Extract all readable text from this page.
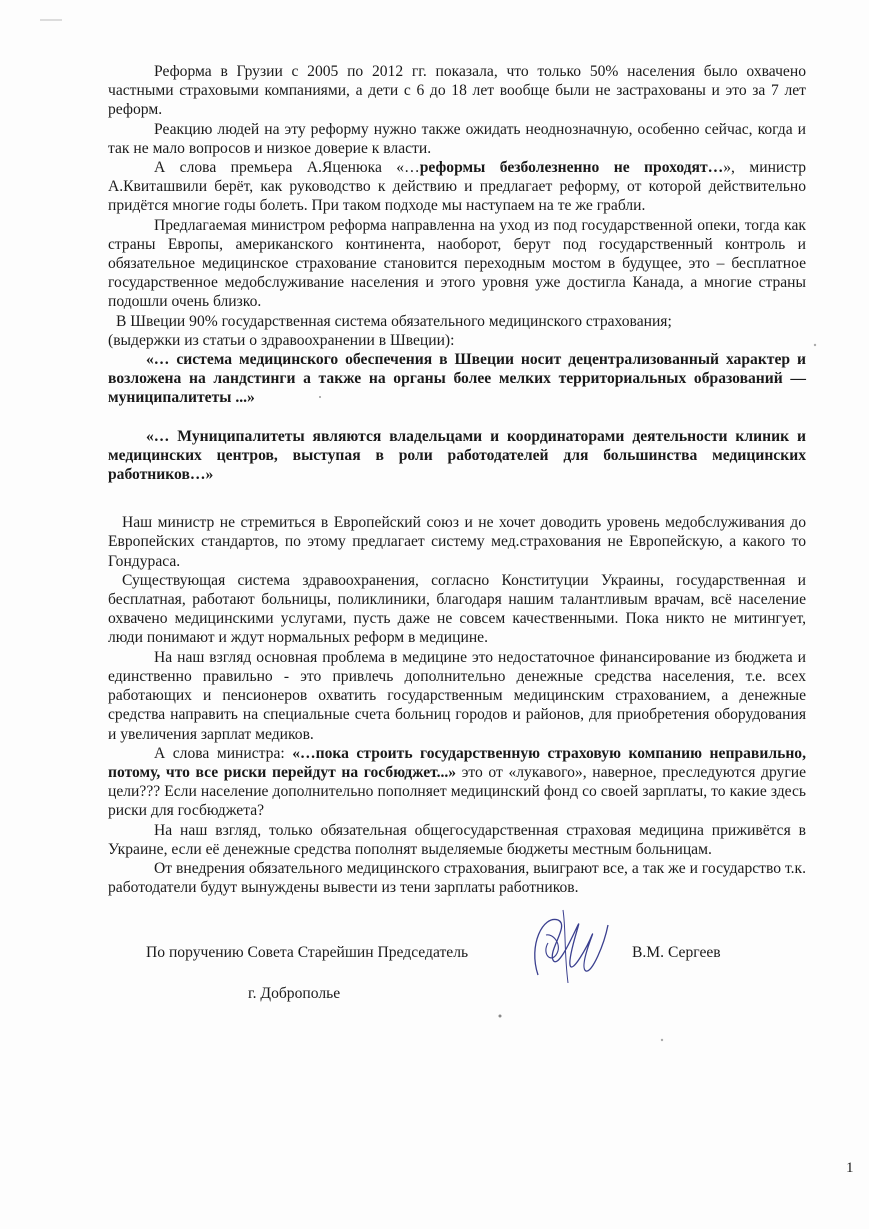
Реформа в Грузии с 2005 по 2012 гг. показала, что только 50% населения было охвачено частными страховыми компаниями, а дети с 6 до 18 лет вообще были не застрахованы и это за 7 лет реформ.

Реакцию людей на эту реформу нужно также ожидать неоднозначную, особенно сейчас, когда и так не мало вопросов и низкое доверие к власти.

А слова премьера А.Яценюка «…реформы безболезненно не проходят…», министр А.Квиташвили берёт, как руководство к действию и предлагает реформу, от которой действительно придётся многие годы болеть. При таком подходе мы наступаем на те же грабли.

Предлагаемая министром реформа направленна на уход из под государственной опеки, тогда как страны Европы, американского континента, наоборот, берут под государственный контроль и обязательное медицинское страхование становится переходным мостом в будущее, это – бесплатное государственное медобслуживание населения и этого уровня уже достигла Канада, а многие страны подошли очень близко.

В Швеции 90% государственная система обязательного медицинского страхования;

(выдержки из статьи о здравоохранении в Швеции):

«… система медицинского обеспечения в Швеции носит децентрализованный характер и возложена на ландстинги а также на органы более мелких территориальных образований — муниципалитеты ...»

«… Муниципалитеты являются владельцами и координаторами деятельности клиник и медицинских центров, выступая в роли работодателей для большинства медицинских работников…»

Наш министр не стремиться в Европейский союз и не хочет доводить уровень медобслуживания до Европейских стандартов, по этому предлагает систему мед.страхования не Европейскую, а какого то Гондураса.

Существующая система здравоохранения, согласно Конституции Украины, государственная и бесплатная, работают больницы, поликлиники, благодаря нашим талантливым врачам, всё население охвачено медицинскими услугами, пусть даже не совсем качественными. Пока никто не митингует, люди понимают и ждут нормальных реформ в медицине.

На наш взгляд основная проблема в медицине это недостаточное финансирование из бюджета и единственно правильно - это привлечь дополнительно денежные средства населения, т.е. всех работающих и пенсионеров охватить государственным медицинским страхованием, а денежные средства направить на специальные счета больниц городов и районов, для приобретения оборудования и увеличения зарплат медиков.

А слова министра: «…пока строить государственную страховую компанию неправильно, потому, что все риски перейдут на госбюджет...» это от «лукавого», наверное, преследуются другие цели??? Если население дополнительно пополняет медицинский фонд со своей зарплаты, то какие здесь риски для госбюджета?

На наш взгляд, только обязательная общегосударственная страховая медицина приживётся в Украине, если её денежные средства пополнят выделяемые бюджеты местным больницам.

От внедрения обязательного медицинского страхования, выиграют все, а так же и государство т.к. работодатели будут вынуждены вывести из тени зарплаты работников.

По поручению Совета Старейшин Председатель	В.М. Сергеев
г. Доброполье
1
